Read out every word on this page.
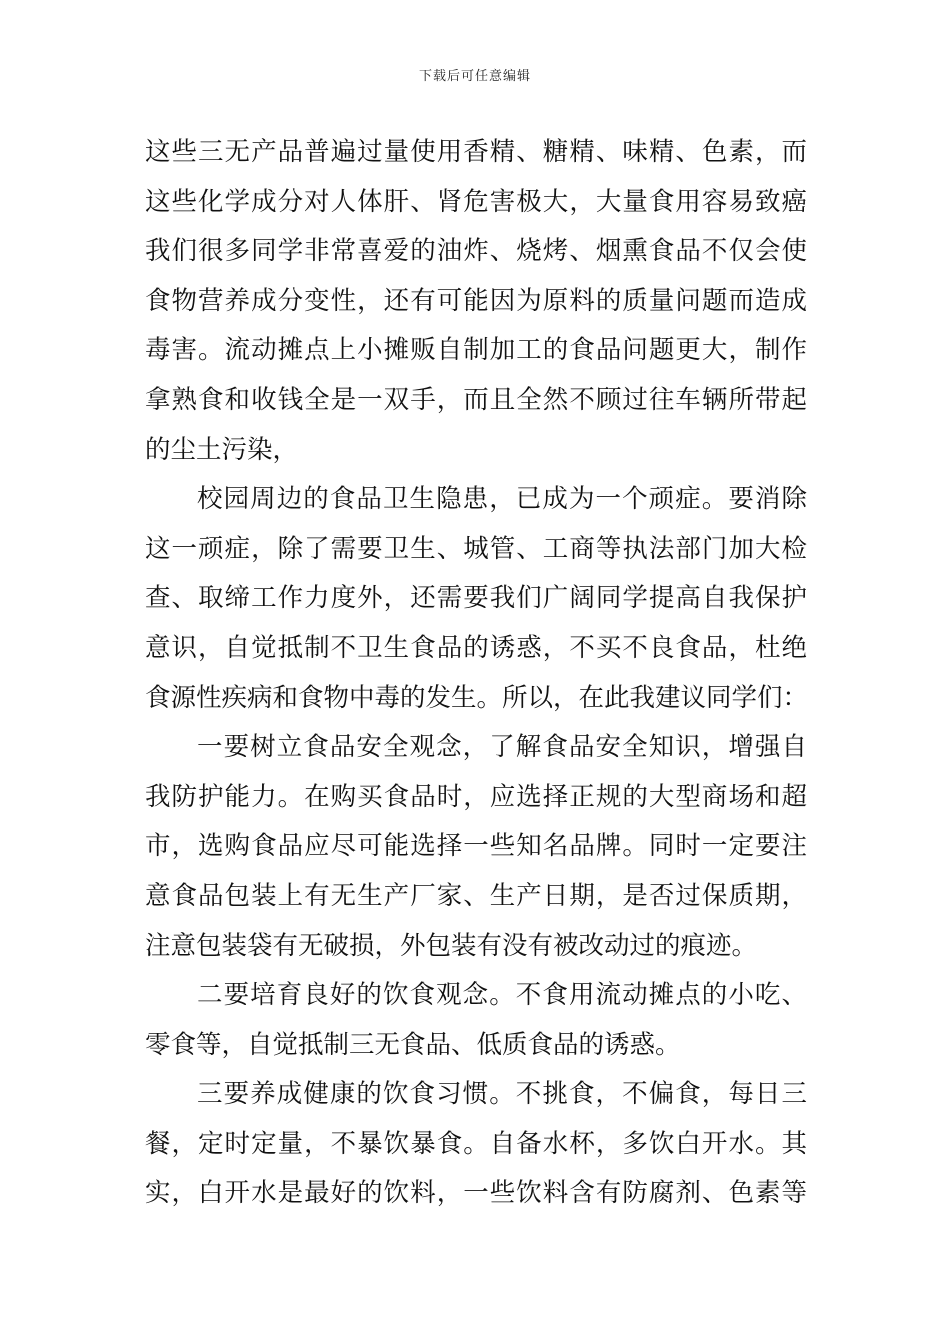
下载后可任意编辑
这些三无产品普遍过量使用香精、糖精、味精、色素，而
这些化学成分对人体肝、肾危害极大，大量食用容易致癌
我们很多同学非常喜爱的油炸、烧烤、烟熏食品不仅会使
食物营养成分变性，还有可能因为原料的质量问题而造成
毒害。流动摊点上小摊贩自制加工的食品问题更大，制作
拿熟食和收钱全是一双手，而且全然不顾过往车辆所带起
的尘土污染，
校园周边的食品卫生隐患，已成为一个顽症。要消除
这一顽症，除了需要卫生、城管、工商等执法部门加大检
查、取缔工作力度外，还需要我们广阔同学提高自我保护
意识，自觉抵制不卫生食品的诱惑，不买不良食品，杜绝
食源性疾病和食物中毒的发生。所以，在此我建议同学们：
一要树立食品安全观念，了解食品安全知识，增强自
我防护能力。在购买食品时，应选择正规的大型商场和超
市，选购食品应尽可能选择一些知名品牌。同时一定要注
意食品包装上有无生产厂家、生产日期，是否过保质期，
注意包装袋有无破损，外包装有没有被改动过的痕迹。
二要培育良好的饮食观念。不食用流动摊点的小吃、
零食等，自觉抵制三无食品、低质食品的诱惑。
三要养成健康的饮食习惯。不挑食，不偏食，每日三
餐，定时定量，不暴饮暴食。自备水杯，多饮白开水。其
实，白开水是最好的饮料，一些饮料含有防腐剂、色素等
